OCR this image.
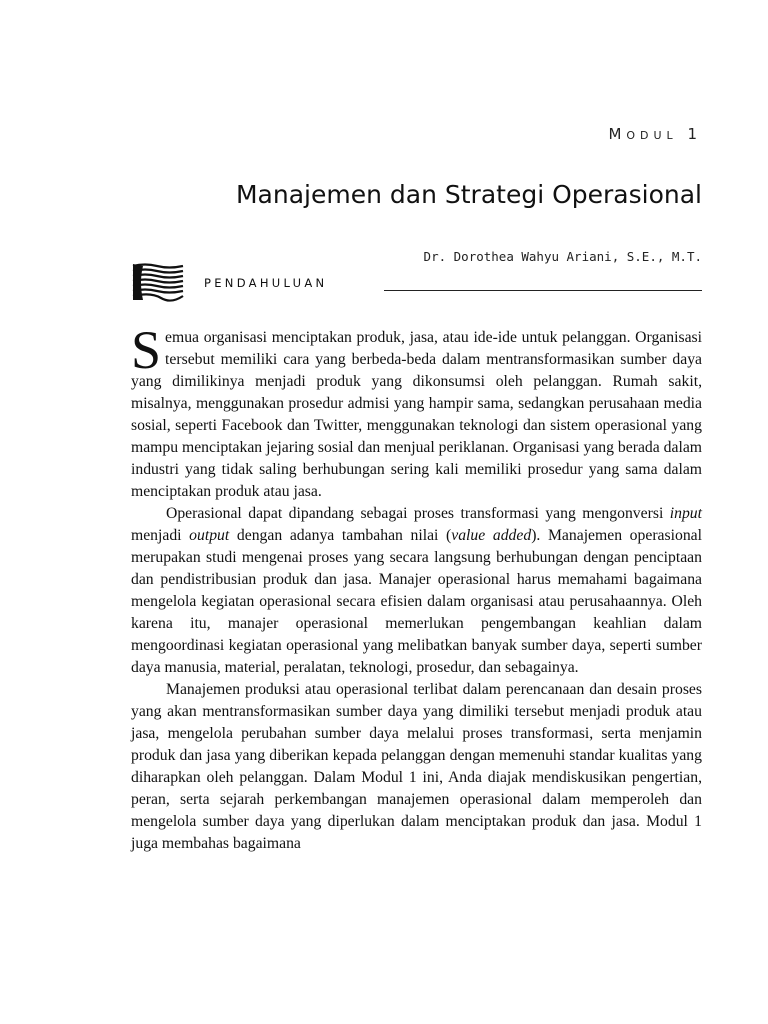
Modul 1
Manajemen dan Strategi Operasional
Dr. Dorothea Wahyu Ariani, S.E., M.T.
PENDAHULUAN

Semua organisasi menciptakan produk, jasa, atau ide-ide untuk pelanggan. Organisasi tersebut memiliki cara yang berbeda-beda dalam mentransformasikan sumber daya yang dimilikinya menjadi produk yang dikonsumsi oleh pelanggan. Rumah sakit, misalnya, menggunakan prosedur admisi yang hampir sama, sedangkan perusahaan media sosial, seperti Facebook dan Twitter, menggunakan teknologi dan sistem operasional yang mampu menciptakan jejaring sosial dan menjual periklanan. Organisasi yang berada dalam industri yang tidak saling berhubungan sering kali memiliki prosedur yang sama dalam menciptakan produk atau jasa.

Operasional dapat dipandang sebagai proses transformasi yang mengonversi input menjadi output dengan adanya tambahan nilai (value added). Manajemen operasional merupakan studi mengenai proses yang secara langsung berhubungan dengan penciptaan dan pendistribusian produk dan jasa. Manajer operasional harus memahami bagaimana mengelola kegiatan operasional secara efisien dalam organisasi atau perusahaannya. Oleh karena itu, manajer operasional memerlukan pengembangan keahlian dalam mengoordinasi kegiatan operasional yang melibatkan banyak sumber daya, seperti sumber daya manusia, material, peralatan, teknologi, prosedur, dan sebagainya.

Manajemen produksi atau operasional terlibat dalam perencanaan dan desain proses yang akan mentransformasikan sumber daya yang dimiliki tersebut menjadi produk atau jasa, mengelola perubahan sumber daya melalui proses transformasi, serta menjamin produk dan jasa yang diberikan kepada pelanggan dengan memenuhi standar kualitas yang diharapkan oleh pelanggan. Dalam Modul 1 ini, Anda diajak mendiskusikan pengertian, peran, serta sejarah perkembangan manajemen operasional dalam memperoleh dan mengelola sumber daya yang diperlukan dalam menciptakan produk dan jasa. Modul 1 juga membahas bagaimana
